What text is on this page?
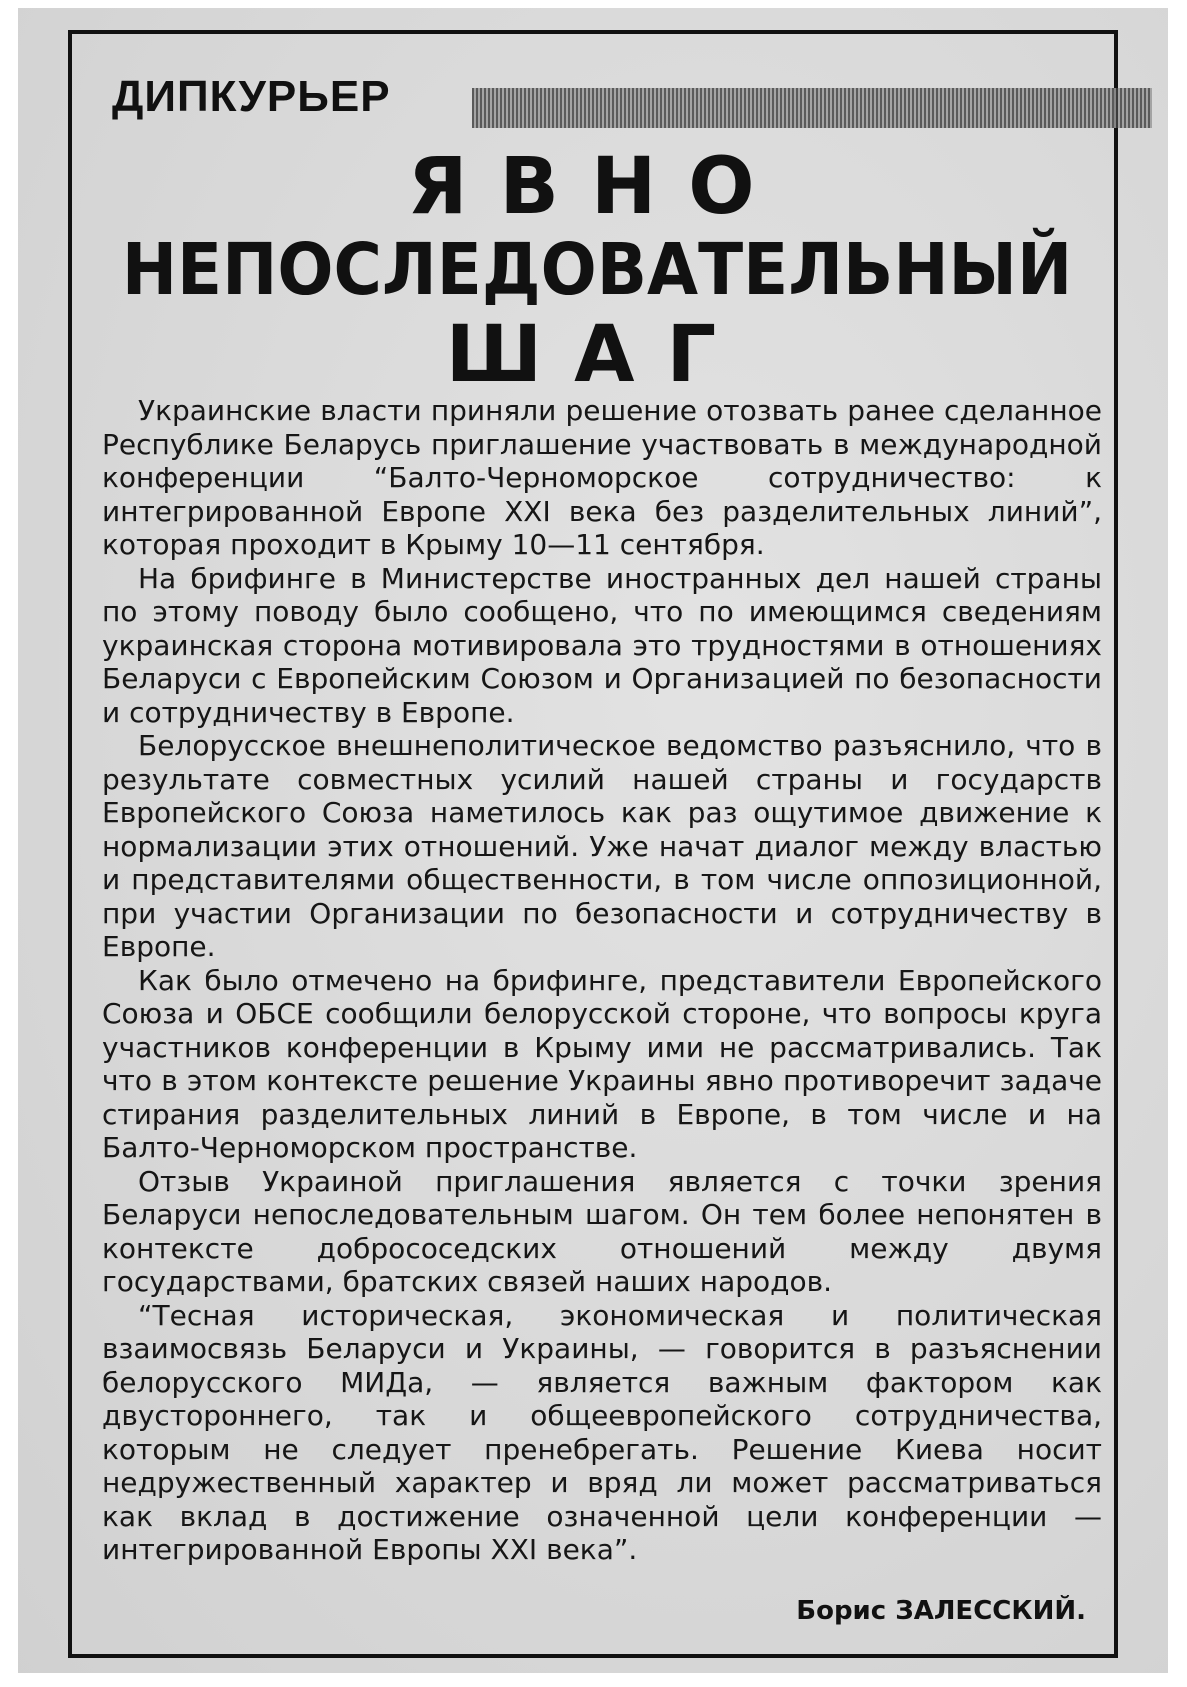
ДИПКУРЬЕР
ЯВНО
НЕПОСЛЕДОВАТЕЛЬНЫЙ
ШАГ

Украинские власти приняли решение отозвать ранее сделанное Республике Беларусь приглашение участвовать в международной конференции “Балто-Черноморское сотрудничество: к интегрированной Европе XXI века без разделительных линий”, которая проходит в Крыму 10—11 сентября.

На брифинге в Министерстве иностранных дел нашей страны по этому поводу было сообщено, что по имеющимся сведениям украинская сторона мотивировала это трудностями в отношениях Беларуси с Европейским Союзом и Организацией по безопасности и сотрудничеству в Европе.

Белорусское внешнеполитическое ведомство разъяснило, что в результате совместных усилий нашей страны и государств Европейского Союза наметилось как раз ощутимое движение к нормализации этих отношений. Уже начат диалог между властью и представителями общественности, в том числе оппозиционной, при участии Организации по безопасности и сотрудничеству в Европе.

Как было отмечено на брифинге, представители Европейского Союза и ОБСЕ сообщили белорусской стороне, что вопросы круга участников конференции в Крыму ими не рассматривались. Так что в этом контексте решение Украины явно противоречит задаче стирания разделительных линий в Европе, в том числе и на Балто-Черноморском пространстве.

Отзыв Украиной приглашения является с точки зрения Беларуси непоследовательным шагом. Он тем более непонятен в контексте добрососедских отношений между двумя государствами, братских связей наших народов.

“Тесная историческая, экономическая и политическая взаимосвязь Беларуси и Украины, — говорится в разъяснении белорусского МИДа, — является важным фактором как двустороннего, так и общеевропейского сотрудничества, которым не следует пренебрегать. Решение Киева носит недружественный характер и вряд ли может рассматриваться как вклад в достижение означенной цели конференции — интегрированной Европы XXI века”.

Борис ЗАЛЕССКИЙ.
